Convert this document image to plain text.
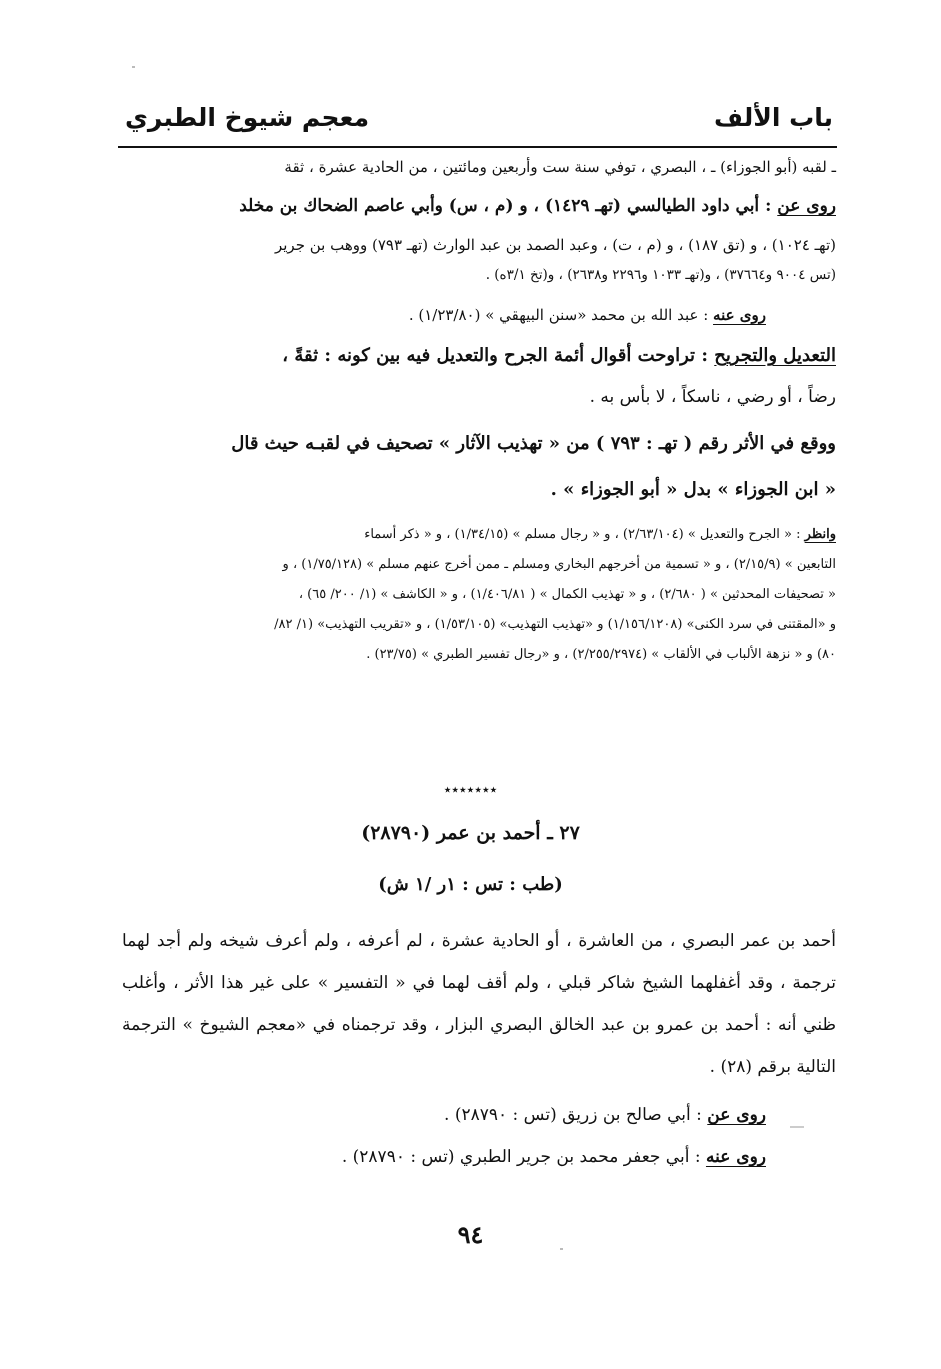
باب الألف
معجم شيوخ الطبري

ـ لقبه (أبو الجوزاء) ـ ، البصري ، توفي سنة ست وأربعين ومائتين ، من الحادية عشرة ، ثقة

روى عن : أبي داود الطيالسي (تهـ ١٤٢٩) ، و (م ، س) وأبي عاصم الضحاك بن مخلد

(تهـ ١٠٢٤) ، و (تق ١٨٧) ، و (م ، ت) ، وعبد الصمد بن عبد الوارث (تهـ ٧٩٣) ووهب بن جرير

(تس ٩٠٠٤ و٣٧٦٦٤) ، و(تهـ ١٠٣٣ و٢٢٩٦ و٢٦٣٨) ، و(تخ ٣/١ه) .

روى عنه : عبد الله بن محمد «سنن البيهقي » (١/٢٣/٨٠) .

التعديل والتجريح : تراوحت أقوال أئمة الجرح والتعديل فيه بين كونه : ثقةً ،

رضاً ، أو رضي ، ناسكاً ، لا بأس به .

ووقع في الأثر رقم ( تهـ : ٧٩٣ ) من « تهذيب الآثار » تصحيف في لقبـه حيث قال

« ابن الجوزاء » بدل « أبو الجوزاء » .

وانظر : « الجرح والتعديل » (٢/٦٣/١٠٤) ، و « رجال مسلم » (١/٣٤/١٥) ، و « ذكر أسماء

التابعين » (٢/١٥/٩) ، و « تسمية من أخرجهم البخاري ومسلم ـ ممن أخرج عنهم مسلم » (١/٧٥/١٢٨) ، و

« تصحيفات المحدثين » ( ٢/٦٨٠) ، و « تهذيب الكمال » ( ١/٤٠٦/٨١) ، و « الكاشف » (١/ ٢٠٠/ ٦٥) ،

و «المقتنى في سرد الكنى» (١/١٥٦/١٢٠٨) و «تهذيب التهذيب» (١/٥٣/١٠٥) ، و «تقريب التهذيب» (١/ ٨٢/

٨٠) و « نزهة الألباب في الألقاب » (٢/٢٥٥/٢٩٧٤) ، و «رجال تفسير الطبري » (٢٣/٧٥) .

٭٭٭٭٭٭٭
٢٧ ـ أحمد بن عمر (٢٨٧٩٠)
(طب : تس : ١ر /١ ش)

أحمد بن عمر البصري ، من العاشرة ، أو الحادية عشرة ، لم أعرفه ، ولم أعرف شيخه ولم أجد لهما ترجمة ، وقد أغفلهما الشيخ شاكر قبلي ، ولم أقف لهما في « التفسير » على غير هذا الأثر ، وأغلب ظني أنه : أحمد بن عمرو بن عبد الخالق البصري البزار ، وقد ترجمناه في «معجم الشيوخ » الترجمة التالية برقم (٢٨) .

روى عن : أبي صالح بن زريق (تس : ٢٨٧٩٠) .

روى عنه : أبي جعفر محمد بن جرير الطبري (تس : ٢٨٧٩٠) .

٩٤
